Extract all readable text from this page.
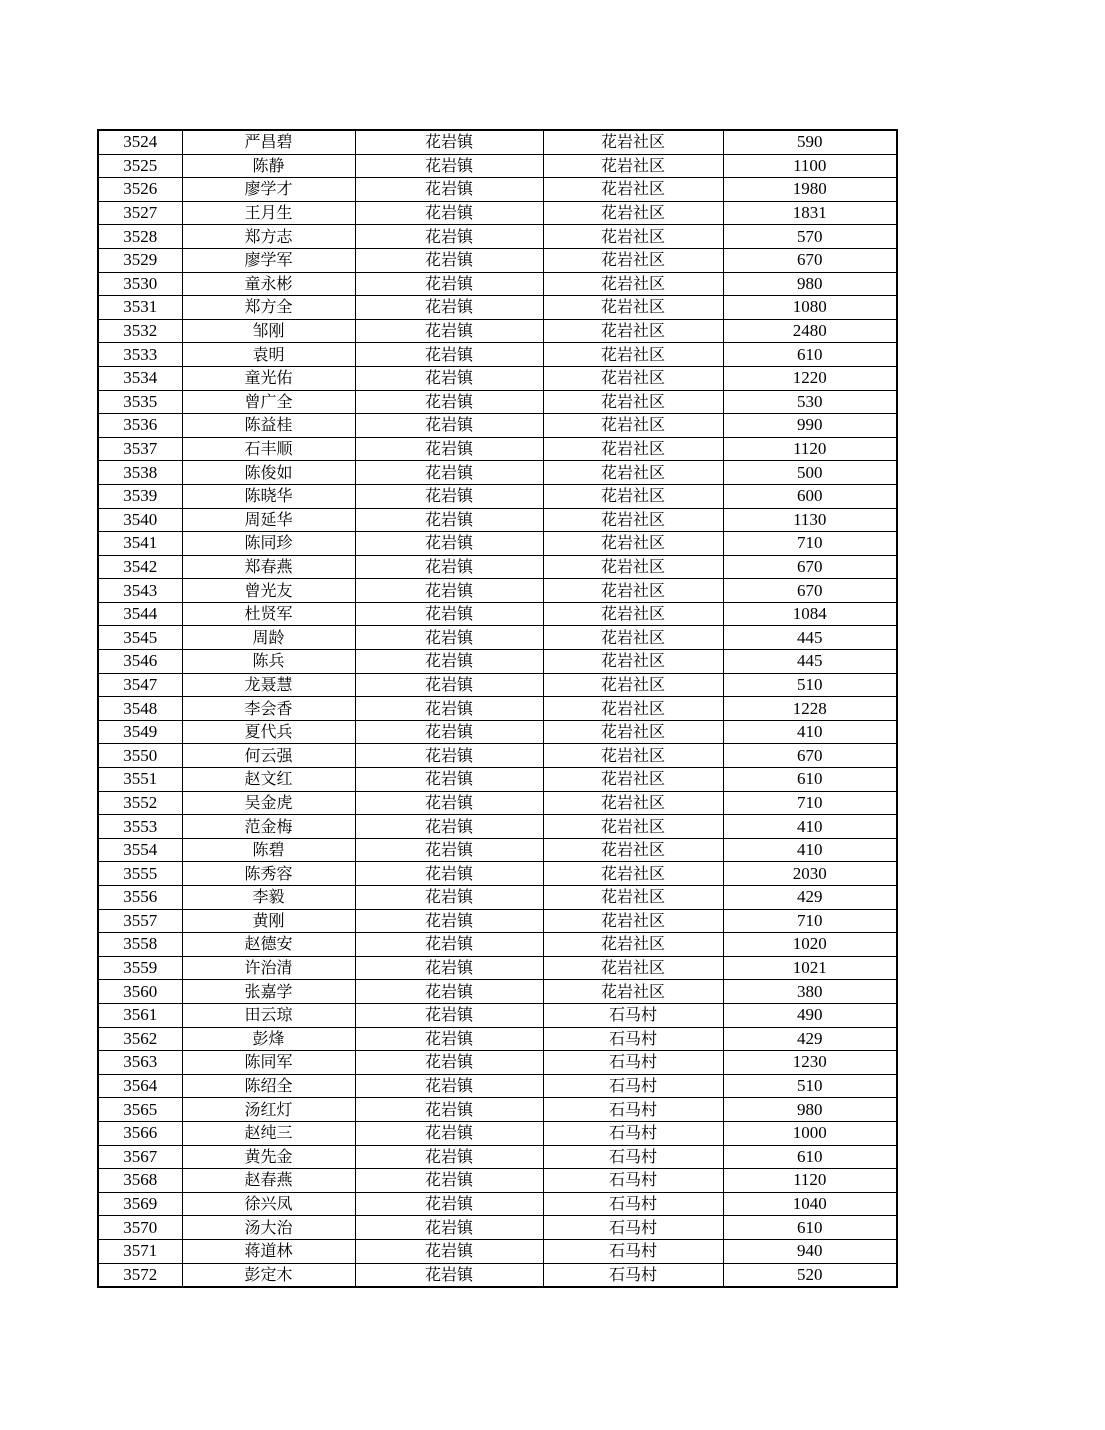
3524	严昌碧	花岩镇	花岩社区	590
3525	陈静	花岩镇	花岩社区	1100
3526	廖学才	花岩镇	花岩社区	1980
3527	王月生	花岩镇	花岩社区	1831
3528	郑方志	花岩镇	花岩社区	570
3529	廖学军	花岩镇	花岩社区	670
3530	童永彬	花岩镇	花岩社区	980
3531	郑方全	花岩镇	花岩社区	1080
3532	邹刚	花岩镇	花岩社区	2480
3533	袁明	花岩镇	花岩社区	610
3534	童光佑	花岩镇	花岩社区	1220
3535	曾广全	花岩镇	花岩社区	530
3536	陈益桂	花岩镇	花岩社区	990
3537	石丰顺	花岩镇	花岩社区	1120
3538	陈俊如	花岩镇	花岩社区	500
3539	陈晓华	花岩镇	花岩社区	600
3540	周延华	花岩镇	花岩社区	1130
3541	陈同珍	花岩镇	花岩社区	710
3542	郑春燕	花岩镇	花岩社区	670
3543	曾光友	花岩镇	花岩社区	670
3544	杜贤军	花岩镇	花岩社区	1084
3545	周龄	花岩镇	花岩社区	445
3546	陈兵	花岩镇	花岩社区	445
3547	龙聂慧	花岩镇	花岩社区	510
3548	李会香	花岩镇	花岩社区	1228
3549	夏代兵	花岩镇	花岩社区	410
3550	何云强	花岩镇	花岩社区	670
3551	赵文红	花岩镇	花岩社区	610
3552	吴金虎	花岩镇	花岩社区	710
3553	范金梅	花岩镇	花岩社区	410
3554	陈碧	花岩镇	花岩社区	410
3555	陈秀容	花岩镇	花岩社区	2030
3556	李毅	花岩镇	花岩社区	429
3557	黄刚	花岩镇	花岩社区	710
3558	赵德安	花岩镇	花岩社区	1020
3559	许治清	花岩镇	花岩社区	1021
3560	张嘉学	花岩镇	花岩社区	380
3561	田云琼	花岩镇	石马村	490
3562	彭烽	花岩镇	石马村	429
3563	陈同军	花岩镇	石马村	1230
3564	陈绍全	花岩镇	石马村	510
3565	汤红灯	花岩镇	石马村	980
3566	赵纯三	花岩镇	石马村	1000
3567	黄先金	花岩镇	石马村	610
3568	赵春燕	花岩镇	石马村	1120
3569	徐兴凤	花岩镇	石马村	1040
3570	汤大治	花岩镇	石马村	610
3571	蒋道林	花岩镇	石马村	940
3572	彭定木	花岩镇	石马村	520
